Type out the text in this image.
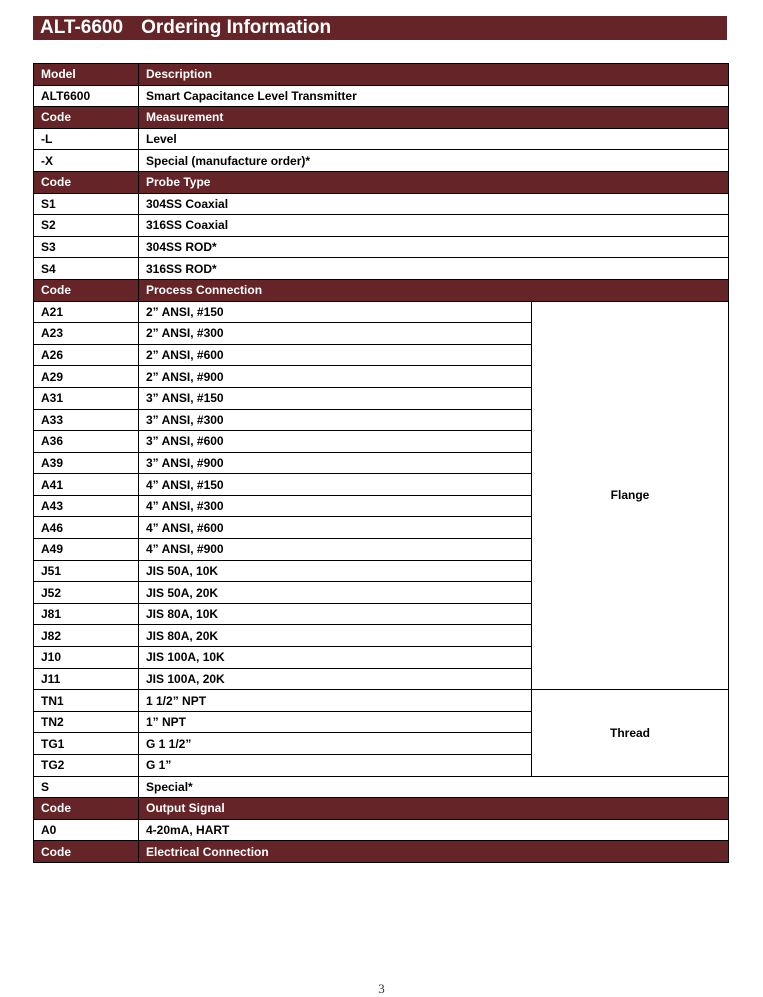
ALT-6600 Ordering Information
Model	Description	
ALT6600	Smart Capacitance Level Transmitter	
Code	Measurement	
-L	Level	
-X	Special (manufacture order)*	
Code	Probe Type	
S1	304SS Coaxial	
S2	316SS Coaxial	
S3	304SS ROD*	
S4	316SS ROD*	
Code	Process Connection	
A21	2” ANSI, #150	Flange
A23	2” ANSI, #300	
A26	2” ANSI, #600	
A29	2” ANSI, #900	
A31	3” ANSI, #150	
A33	3” ANSI, #300	
A36	3” ANSI, #600	
A39	3” ANSI, #900	
A41	4” ANSI, #150	
A43	4” ANSI, #300	
A46	4” ANSI, #600	
A49	4” ANSI, #900	
J51	JIS 50A, 10K	
J52	JIS 50A, 20K	
J81	JIS 80A, 10K	
J82	JIS 80A, 20K	
J10	JIS 100A, 10K	
J11	JIS 100A, 20K	
TN1	1 1/2” NPT	Thread
TN2	1” NPT	
TG1	G 1 1/2”	
TG2	G 1”	
S	Special*	
Code	Output Signal	
A0	4-20mA, HART	
Code	Electrical Connection	
3
